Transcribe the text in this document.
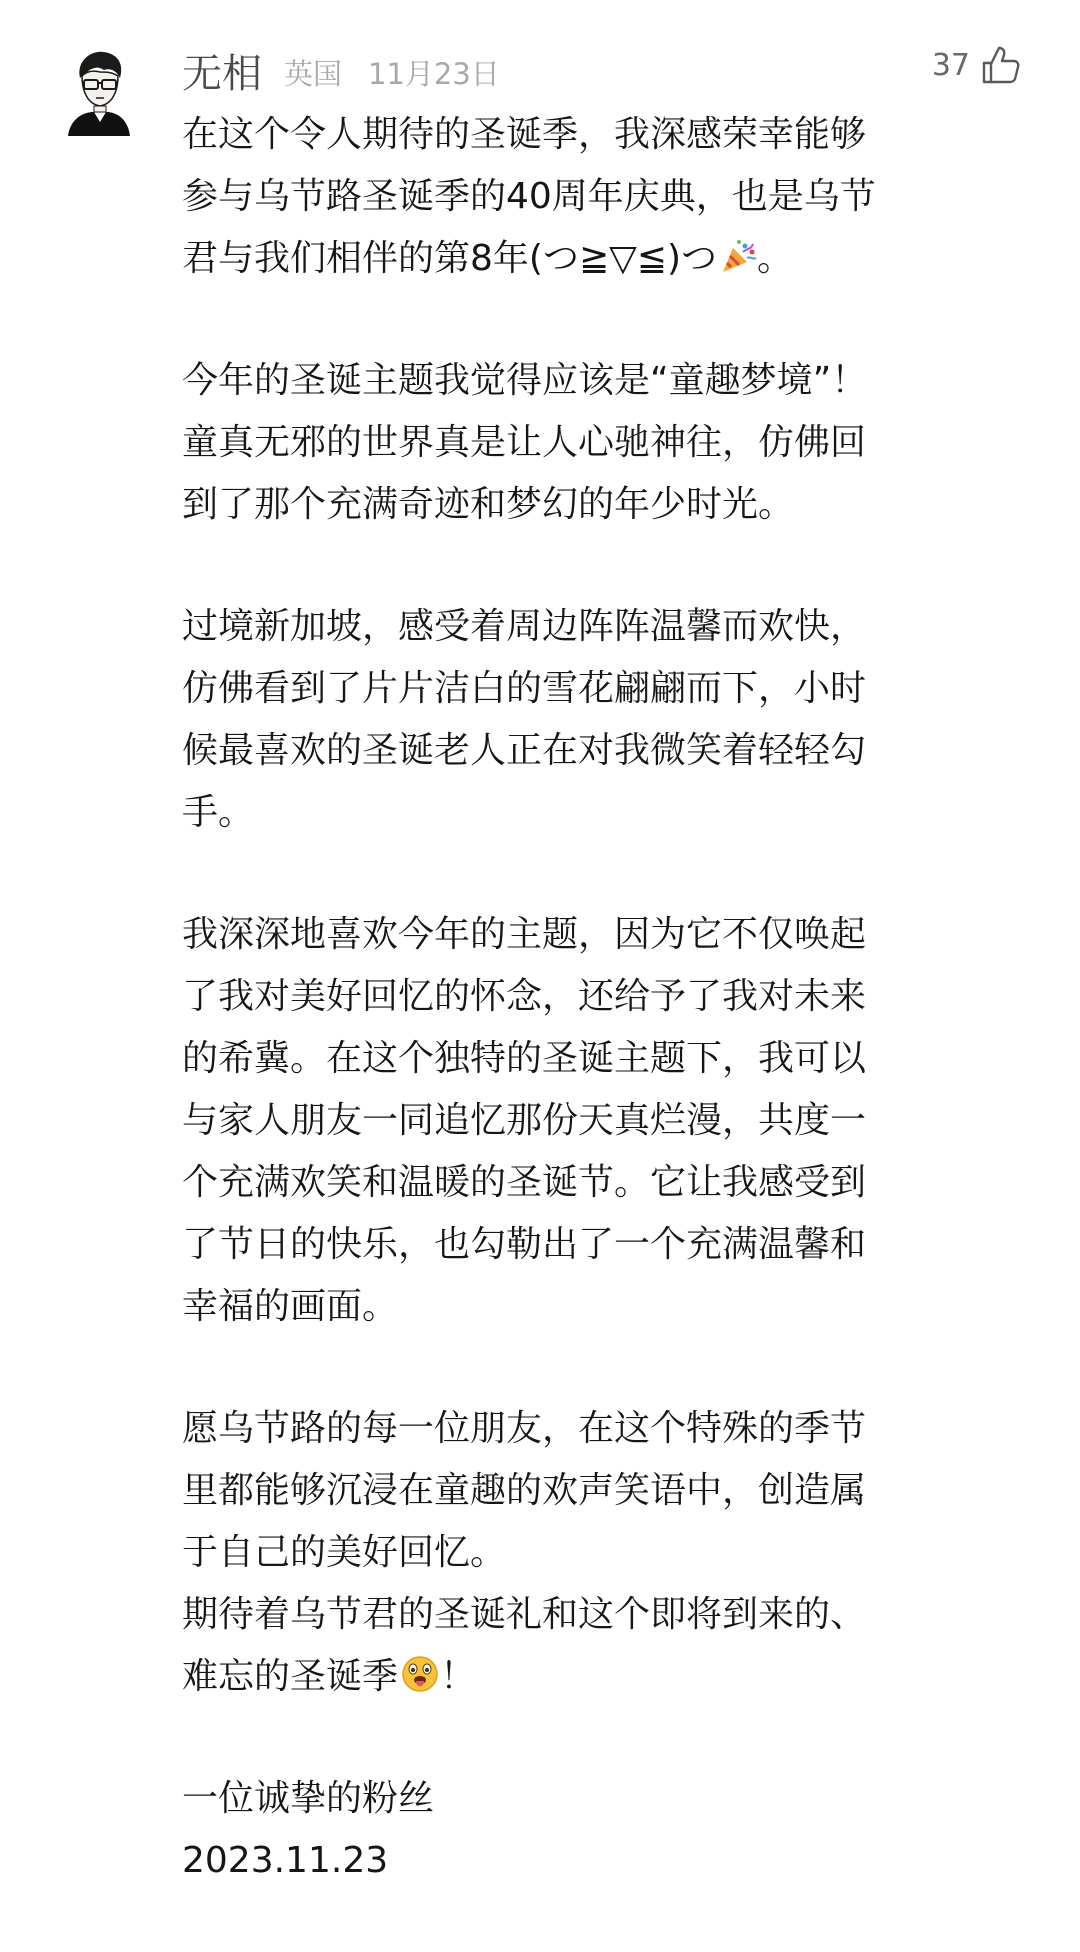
无相 英国 11月23日	37
在这个令人期待的圣诞季，我深感荣幸能够
参与乌节路圣诞季的40周年庆典，也是乌节
君与我们相伴的第8年(つ≧▽≦)つ 。
今年的圣诞主题我觉得应该是“童趣梦境”！
童真无邪的世界真是让人心驰神往，仿佛回
到了那个充满奇迹和梦幻的年少时光。
过境新加坡，感受着周边阵阵温馨而欢快，
仿佛看到了片片洁白的雪花翩翩而下，小时
候最喜欢的圣诞老人正在对我微笑着轻轻勾
手。
我深深地喜欢今年的主题，因为它不仅唤起
了我对美好回忆的怀念，还给予了我对未来
的希冀。在这个独特的圣诞主题下，我可以
与家人朋友一同追忆那份天真烂漫，共度一
个充满欢笑和温暖的圣诞节。它让我感受到
了节日的快乐，也勾勒出了一个充满温馨和
幸福的画面。
愿乌节路的每一位朋友，在这个特殊的季节
里都能够沉浸在童趣的欢声笑语中，创造属
于自己的美好回忆。
期待着乌节君的圣诞礼和这个即将到来的、
难忘的圣诞季 ！
一位诚挚的粉丝
2023.11.23
